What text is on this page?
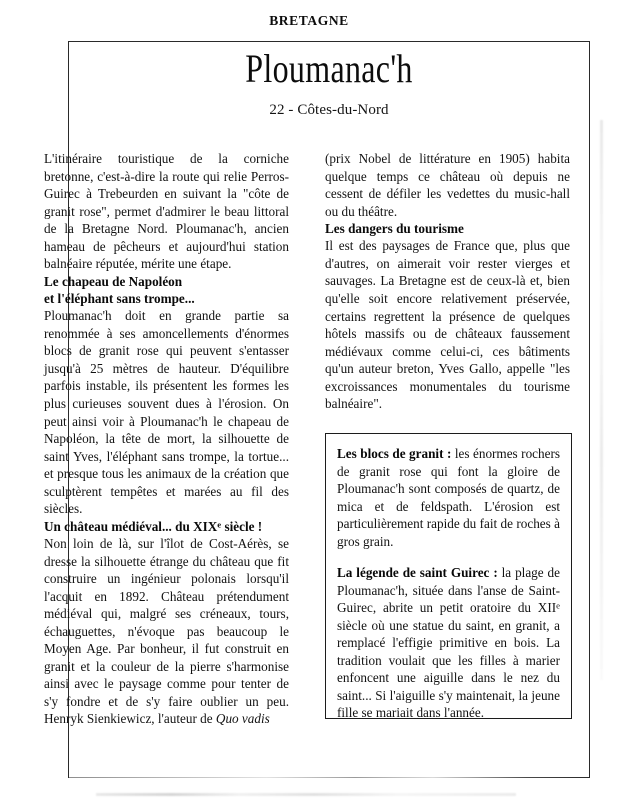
BRETAGNE
Ploumanac'h
22 - Côtes-du-Nord

L'itinéraire touristique de la corniche bretonne, c'est-à-dire la route qui relie Perros-Guirec à Trebeurden en suivant la "côte de granit rose", permet d'admirer le beau littoral de la Bretagne Nord. Ploumanac'h, ancien hameau de pêcheurs et aujourd'hui station balnéaire réputée, mérite une étape.

Le chapeau de Napoléon
et l'éléphant sans trompe...

Ploumanac'h doit en grande partie sa renommée à ses amoncellements d'énormes blocs de granit rose qui peuvent s'entasser jusqu'à 25 mètres de hauteur. D'équilibre parfois instable, ils présentent les formes les plus curieuses souvent dues à l'érosion. On peut ainsi voir à Ploumanac'h le chapeau de Napoléon, la tête de mort, la silhouette de saint Yves, l'éléphant sans trompe, la tortue... et presque tous les animaux de la création que sculptèrent tempêtes et marées au fil des siècles.

Un château médiéval... du XIXe siècle !

Non loin de là, sur l'îlot de Cost-Aérès, se dresse la silhouette étrange du château que fit construire un ingénieur polonais lorsqu'il l'acquit en 1892. Château prétendument médiéval qui, malgré ses créneaux, tours, échauguettes, n'évoque pas beaucoup le Moyen Age. Par bonheur, il fut construit en granit et la couleur de la pierre s'harmonise ainsi avec le paysage comme pour tenter de s'y fondre et de s'y faire oublier un peu. Henryk Sienkiewicz, l'auteur de Quo vadis

(prix Nobel de littérature en 1905) habita quelque temps ce château où depuis ne cessent de défiler les vedettes du music-hall ou du théâtre.

Les dangers du tourisme

Il est des paysages de France que, plus que d'autres, on aimerait voir rester vierges et sauvages. La Bretagne est de ceux-là et, bien qu'elle soit encore relativement préservée, certains regrettent la présence de quelques hôtels massifs ou de châteaux faussement médiévaux comme celui-ci, ces bâtiments qu'un auteur breton, Yves Gallo, appelle "les excroissances monumentales du tourisme balnéaire".

Les blocs de granit : les énormes rochers de granit rose qui font la gloire de Ploumanac'h sont composés de quartz, de mica et de feldspath. L'érosion est particulièrement rapide du fait de roches à gros grain.

La légende de saint Guirec : la plage de Ploumanac'h, située dans l'anse de Saint-Guirec, abrite un petit oratoire du XIIe siècle où une statue du saint, en granit, a remplacé l'effigie primitive en bois. La tradition voulait que les filles à marier enfoncent une aiguille dans le nez du saint... Si l'aiguille s'y maintenait, la jeune fille se mariait dans l'année.
